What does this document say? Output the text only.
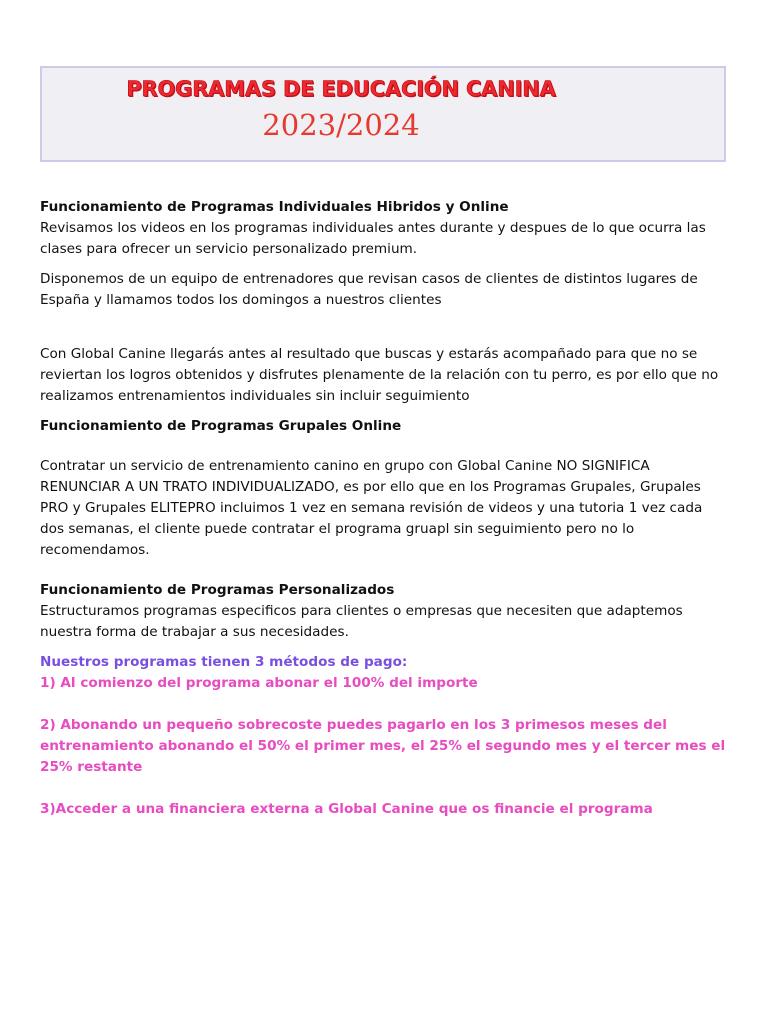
PROGRAMAS DE EDUCACIÓN CANINA
2023/2024

Funcionamiento de Programas Individuales Hibridos y Online

Revisamos los videos en los programas individuales antes durante y despues de lo que ocurra las clases para ofrecer un servicio personalizado premium.

Disponemos de un equipo de entrenadores que revisan casos de clientes de distintos lugares de España y llamamos todos los domingos a nuestros clientes

Con Global Canine llegarás antes al resultado que buscas y estarás acompañado para que no se reviertan los logros obtenidos y disfrutes plenamente de la relación con tu perro, es por ello que no realizamos entrenamientos individuales sin incluir seguimiento

Funcionamiento de Programas Grupales Online

Contratar un servicio de entrenamiento canino en grupo con Global Canine NO SIGNIFICA RENUNCIAR A UN TRATO INDIVIDUALIZADO, es por ello que en los Programas Grupales, Grupales PRO y Grupales ELITEPRO incluimos 1 vez en semana revisión de videos y una tutoria 1 vez cada dos semanas, el cliente puede contratar el programa gruapl sin seguimiento pero no lo recomendamos.

Funcionamiento de Programas Personalizados

Estructuramos programas especificos para clientes o empresas que necesiten que adaptemos nuestra forma de trabajar a sus necesidades.

Nuestros programas tienen 3 métodos de pago:

1) Al comienzo del programa abonar el 100% del importe

2) Abonando un pequeño sobrecoste puedes pagarlo en los 3 primesos meses del entrenamiento abonando el 50% el primer mes, el 25% el segundo mes y el tercer mes el 25% restante

3)Acceder a una financiera externa a Global Canine que os financie el programa
